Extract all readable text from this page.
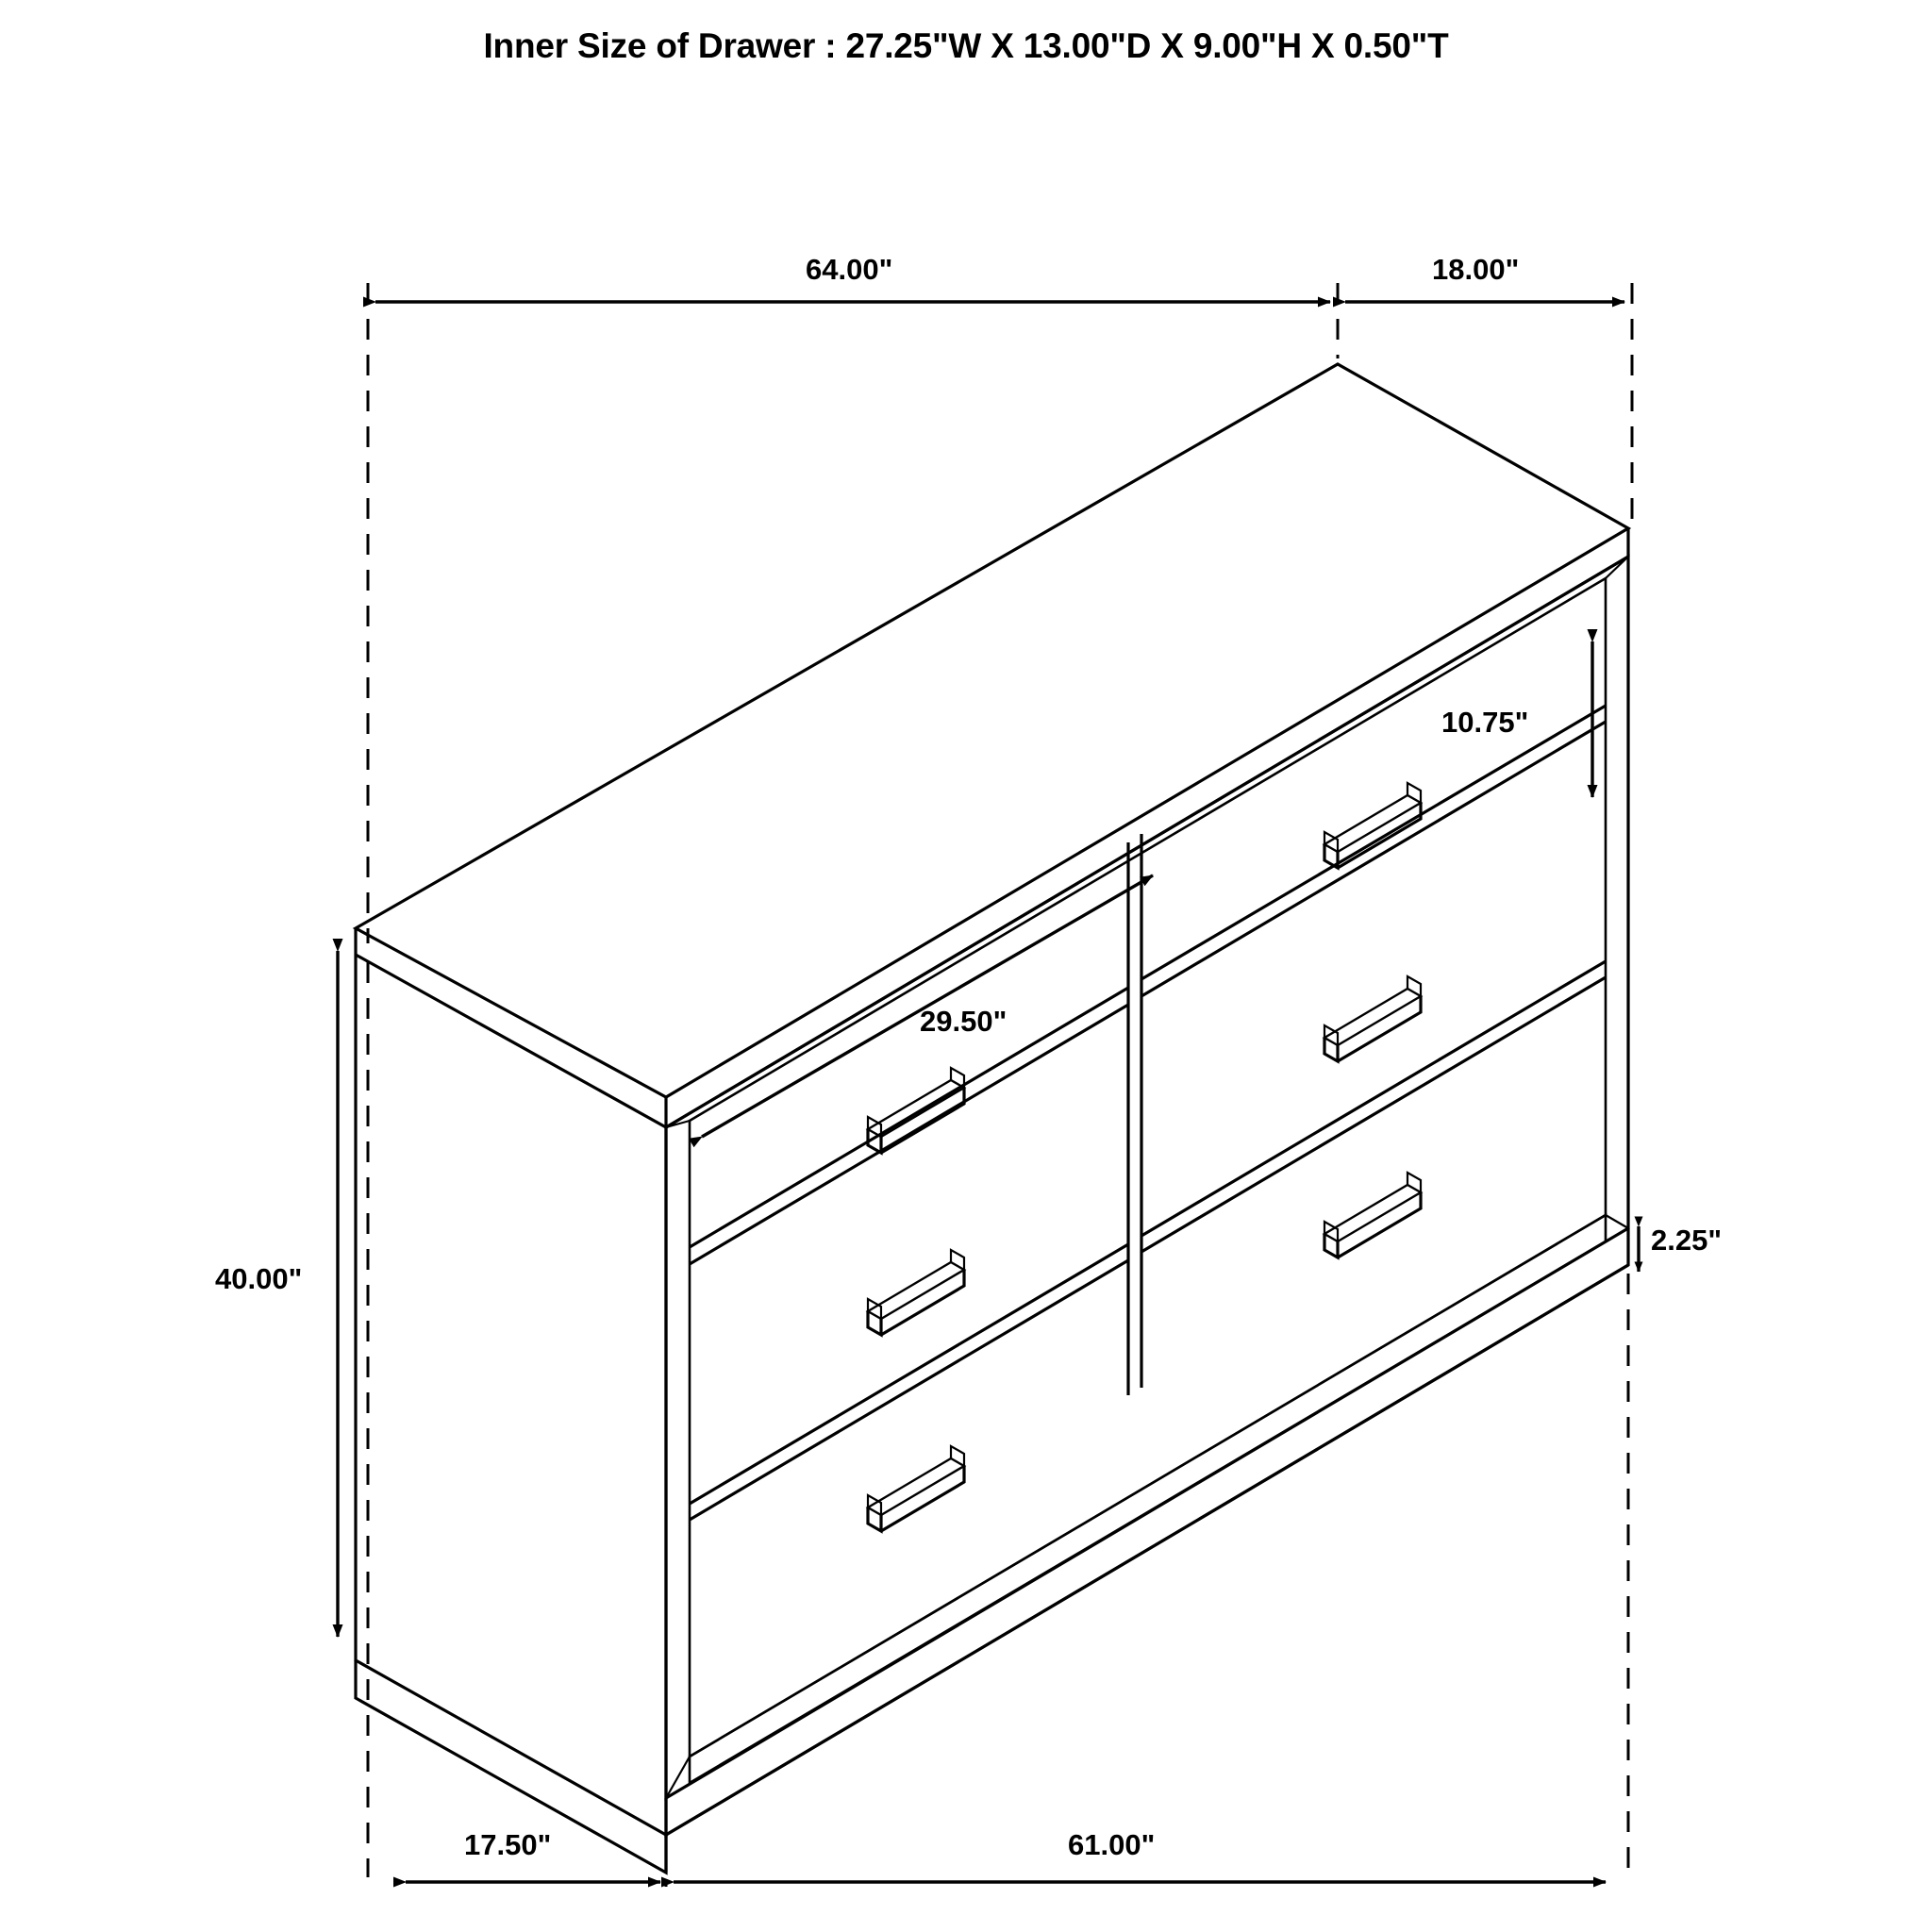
Inner Size of Drawer : 27.25"W X 13.00"D X 9.00"H X 0.50"T
64.00"	18.00"
10.75"
29.50"
40.00"
2.25"
17.50"	61.00"
